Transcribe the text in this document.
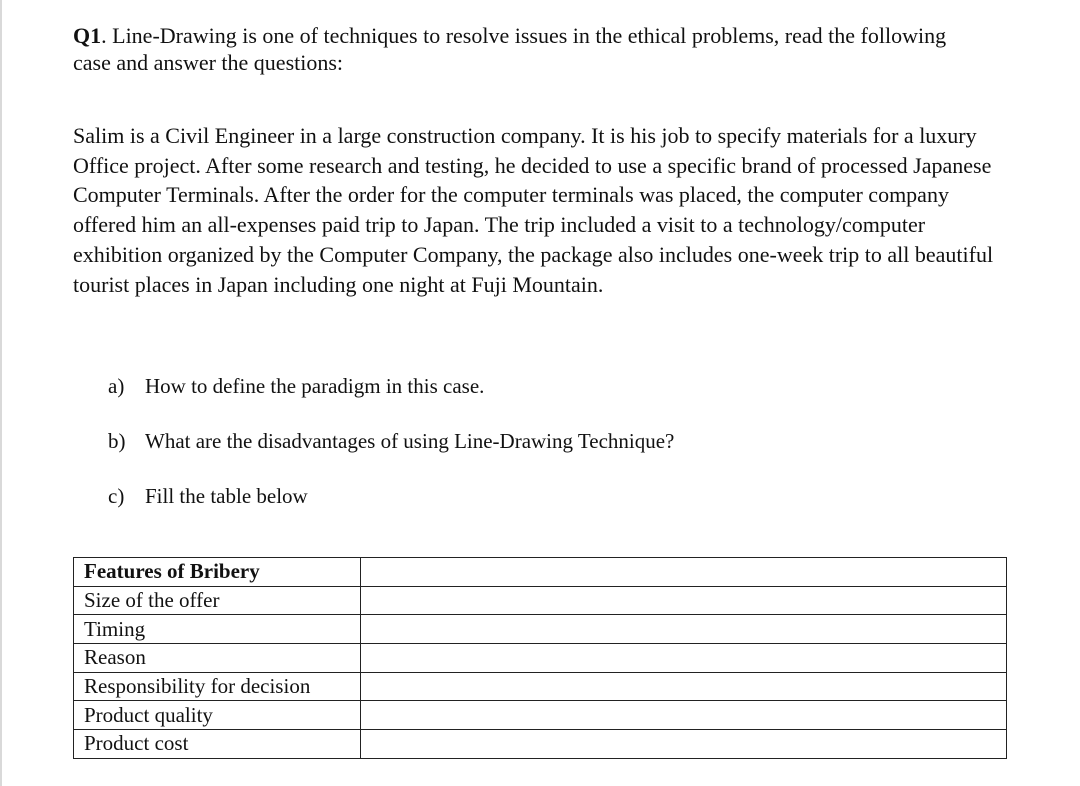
Q1. Line-Drawing is one of techniques to resolve issues in the ethical problems, read the following case and answer the questions:

Salim is a Civil Engineer in a large construction company. It is his job to specify materials for a luxury Office project. After some research and testing, he decided to use a specific brand of processed Japanese Computer Terminals. After the order for the computer terminals was placed, the computer company offered him an all-expenses paid trip to Japan. The trip included a visit to a technology/computer exhibition organized by the Computer Company, the package also includes one-week trip to all beautiful tourist places in Japan including one night at Fuji Mountain.

a) How to define the paradigm in this case.
b) What are the disadvantages of using Line-Drawing Technique?
c) Fill the table below
Features of Bribery	
Size of the offer	
Timing	
Reason	
Responsibility for decision	
Product quality	
Product cost	
